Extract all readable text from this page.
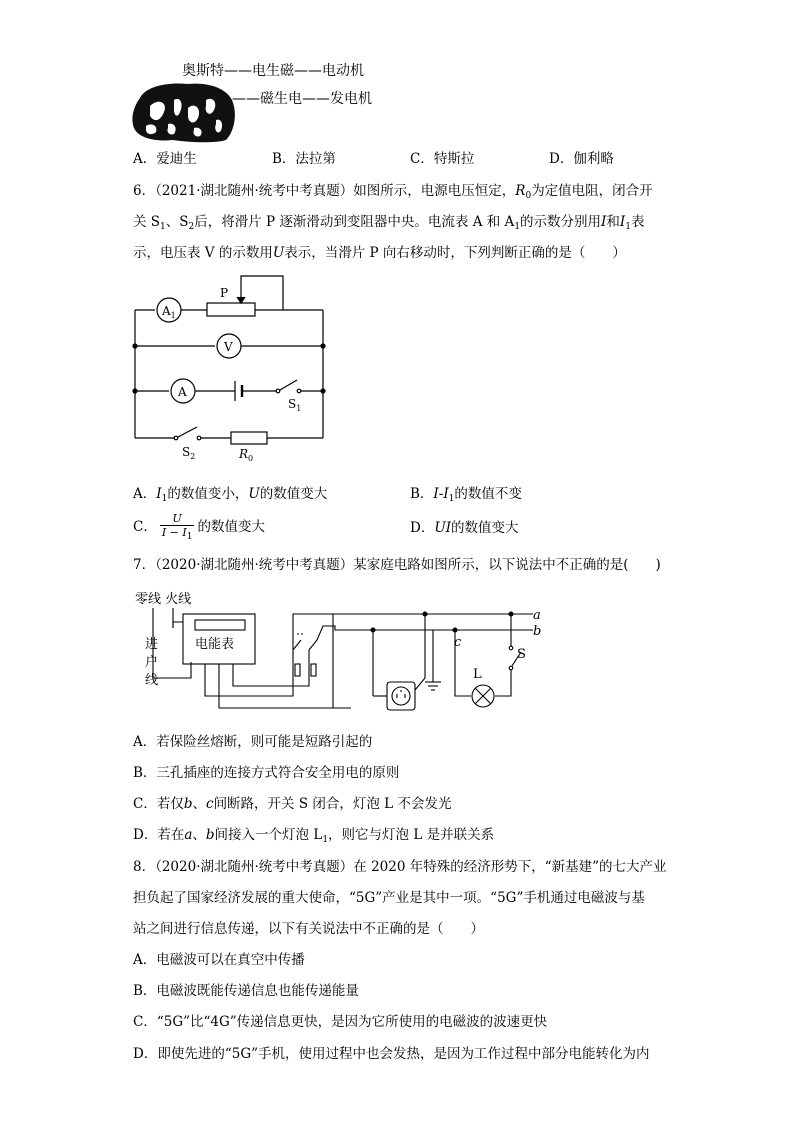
奥斯特——电生磁——电动机
——磁生电——发电机
A．爱迪生	B．法拉第	C．特斯拉	D．伽利略
6．（2021·湖北随州·统考中考真题）如图所示，电源电压恒定，$R_0$为定值电阻，闭合开
关 $S_1$、$S_2$后，将滑片 P 逐渐滑动到变阻器中央。电流表 A 和 $A_1$的示数分别用I和$I_1$表
示，电压表 V 的示数用U表示，当滑片 P 向右移动时，下列判断正确的是（　　）
$A_1$
P
V
A
$S_1$
$S_2$	$R_0$
A．$I_1$的数值变小，U的数值变大	B．$I-I_1$的数值不变
C． $\frac{U}{I - I_1}$ 的数值变大	D．UI的数值变大
7．（2020·湖北随州·统考中考真题）某家庭电路如图所示，以下说法中不正确的是(　　)
零线 火线
进
户
线
电能表
a
b
c
L
S
A．若保险丝熔断，则可能是短路引起的
B．三孔插座的连接方式符合安全用电的原则
C．若仅b、c间断路，开关 S 闭合，灯泡 L 不会发光
D．若在a、b间接入一个灯泡 $L_1$，则它与灯泡 L 是并联关系
8．（2020·湖北随州·统考中考真题）在 2020 年特殊的经济形势下，“新基建”的七大产业
担负起了国家经济发展的重大使命，“5G”产业是其中一项。“5G”手机通过电磁波与基
站之间进行信息传递，以下有关说法中不正确的是（　　）
A．电磁波可以在真空中传播
B．电磁波既能传递信息也能传递能量
C．“5G”比“4G”传递信息更快，是因为它所使用的电磁波的波速更快
D．即使先进的“5G”手机，使用过程中也会发热，是因为工作过程中部分电能转化为内
